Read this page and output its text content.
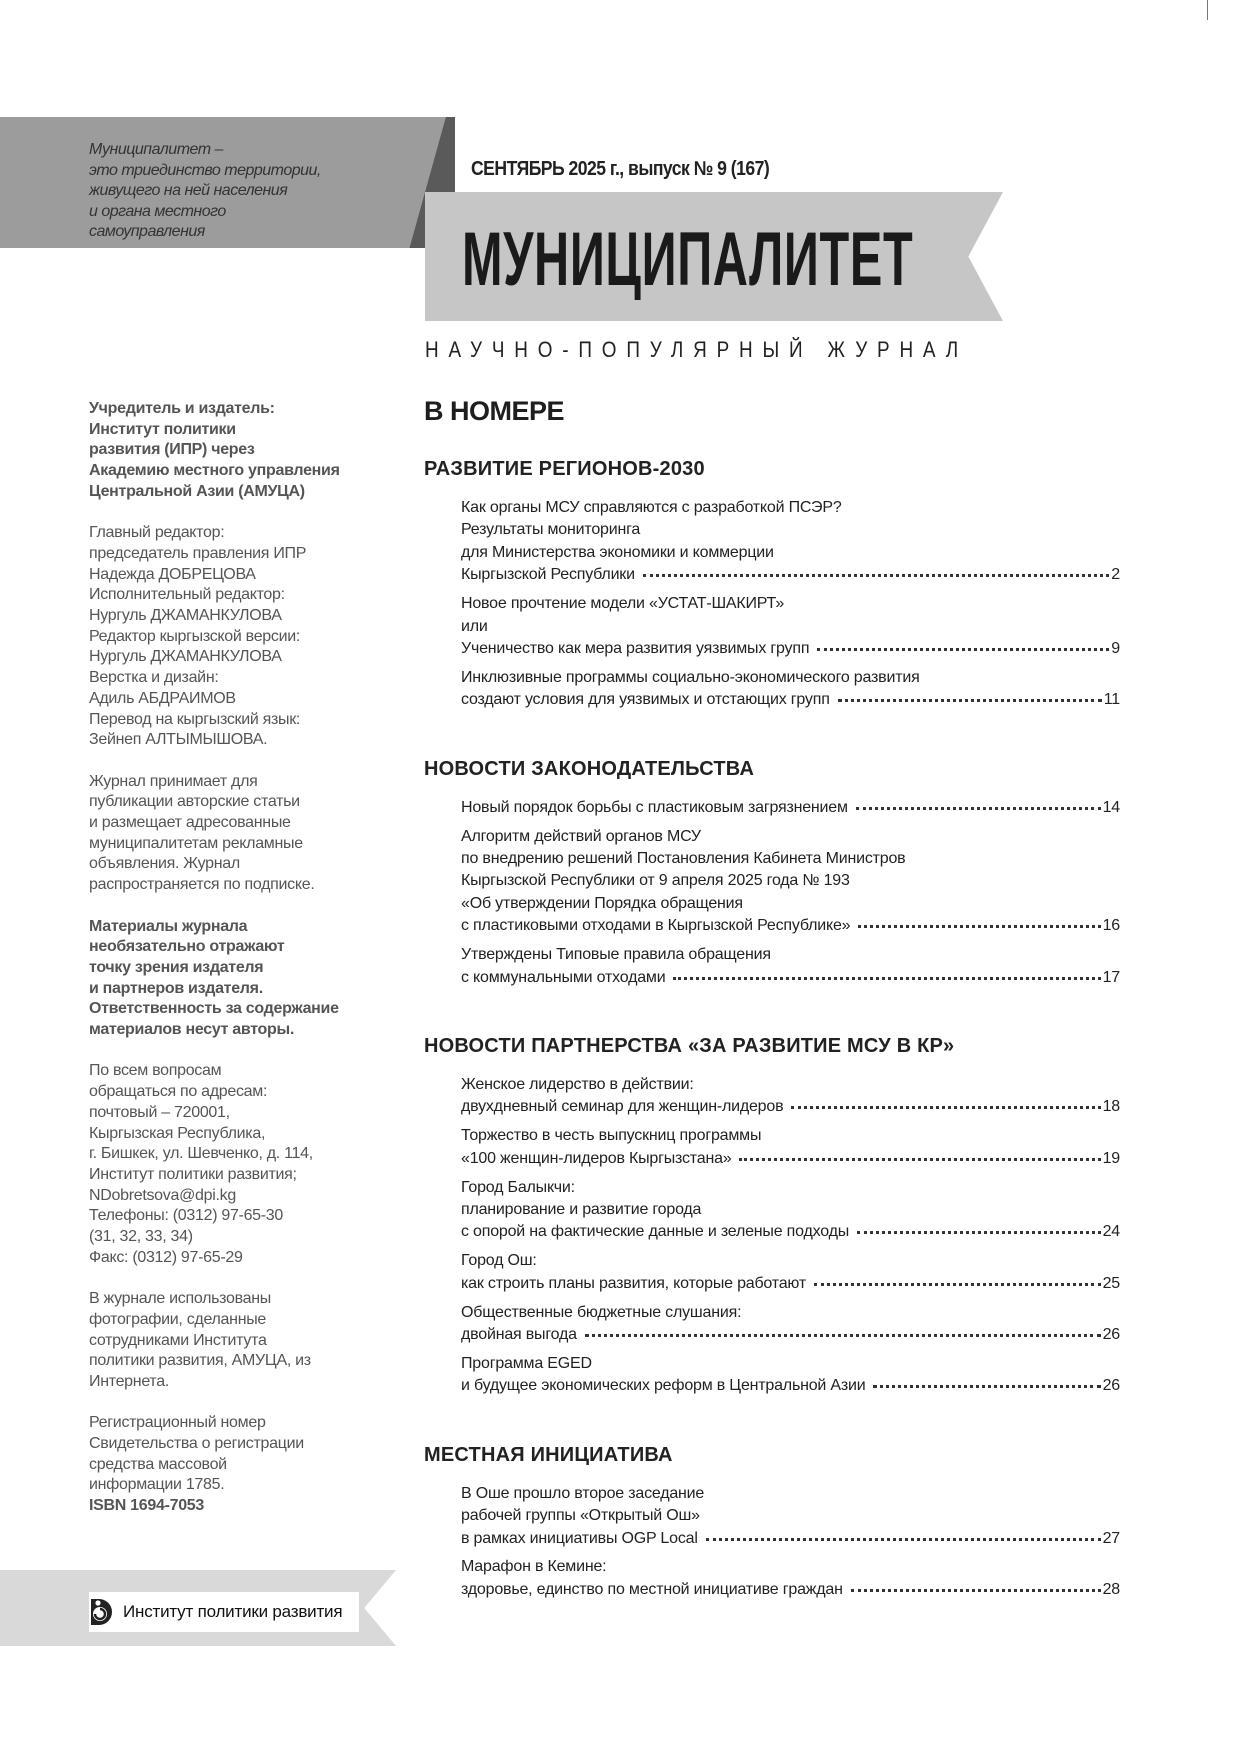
Муниципалитет –
это триединство территории,
живущего на ней населения
и органа местного
самоуправления
СЕНТЯБРЬ 2025 г., выпуск № 9 (167)
МУНИЦИПАЛИТЕТ
НАУЧНО-ПОПУЛЯРНЫЙ ЖУРНАЛ
Учредитель и издатель:
Институт политики
развития (ИПР) через
Академию местного управления
Центральной Азии (АМУЦА)
Главный редактор:
председатель правления ИПР
Надежда ДОБРЕЦОВА
Исполнительный редактор:
Нургуль ДЖАМАНКУЛОВА
Редактор кыргызской версии:
Нургуль ДЖАМАНКУЛОВА
Верстка и дизайн:
Адиль АБДРАИМОВ
Перевод на кыргызский язык:
Зейнеп АЛТЫМЫШОВА.
Журнал принимает для
публикации авторские статьи
и размещает адресованные
муниципалитетам рекламные
объявления. Журнал
распространяется по подписке.
Материалы журнала
необязательно отражают
точку зрения издателя
и партнеров издателя.
Ответственность за содержание
материалов несут авторы.
По всем вопросам
обращаться по адресам:
почтовый – 720001,
Кыргызская Республика,
г. Бишкек, ул. Шевченко, д. 114,
Институт политики развития;
NDobretsova@dpi.kg
Телефоны: (0312) 97-65-30
(31, 32, 33, 34)
Факс: (0312) 97-65-29
В журнале использованы
фотографии, сделанные
сотрудниками Института
политики развития, АМУЦА, из
Интернета.
Регистрационный номер
Свидетельства о регистрации
средства массовой
информации 1785.
ISBN 1694-7053
В НОМЕРЕ
РАЗВИТИЕ РЕГИОНОВ-2030
Как органы МСУ справляются с разработкой ПСЭР?
Результаты мониторинга
для Министерства экономики и коммерции
Кыргызской Республики	2
Новое прочтение модели «УСТАТ-ШАКИРТ»
или
Ученичество как мера развития уязвимых групп	9
Инклюзивные программы социально-экономического развития
создают условия для уязвимых и отстающих групп	11
НОВОСТИ ЗАКОНОДАТЕЛЬСТВА
Новый порядок борьбы с пластиковым загрязнением	14
Алгоритм действий органов МСУ
по внедрению решений Постановления Кабинета Министров
Кыргызской Республики от 9 апреля 2025 года № 193
«Об утверждении Порядка обращения
с пластиковыми отходами в Кыргызской Республике»	16
Утверждены Типовые правила обращения
с коммунальными отходами	17
НОВОСТИ ПАРТНЕРСТВА «ЗА РАЗВИТИЕ МСУ В КР»
Женское лидерство в действии:
двухдневный семинар для женщин-лидеров	18
Торжество в честь выпускниц программы
«100 женщин-лидеров Кыргызстана»	19
Город Балыкчи:
планирование и развитие города
с опорой на фактические данные и зеленые подходы	24
Город Ош:
как строить планы развития, которые работают	25
Общественные бюджетные слушания:
двойная выгода	26
Программа EGED
и будущее экономических реформ в Центральной Азии	26
МЕСТНАЯ ИНИЦИАТИВА
В Оше прошло второе заседание
рабочей группы «Открытый Ош»
в рамках инициативы OGP Local	27
Марафон в Кемине:
здоровье, единство по местной инициативе граждан	28
Институт политики развития
